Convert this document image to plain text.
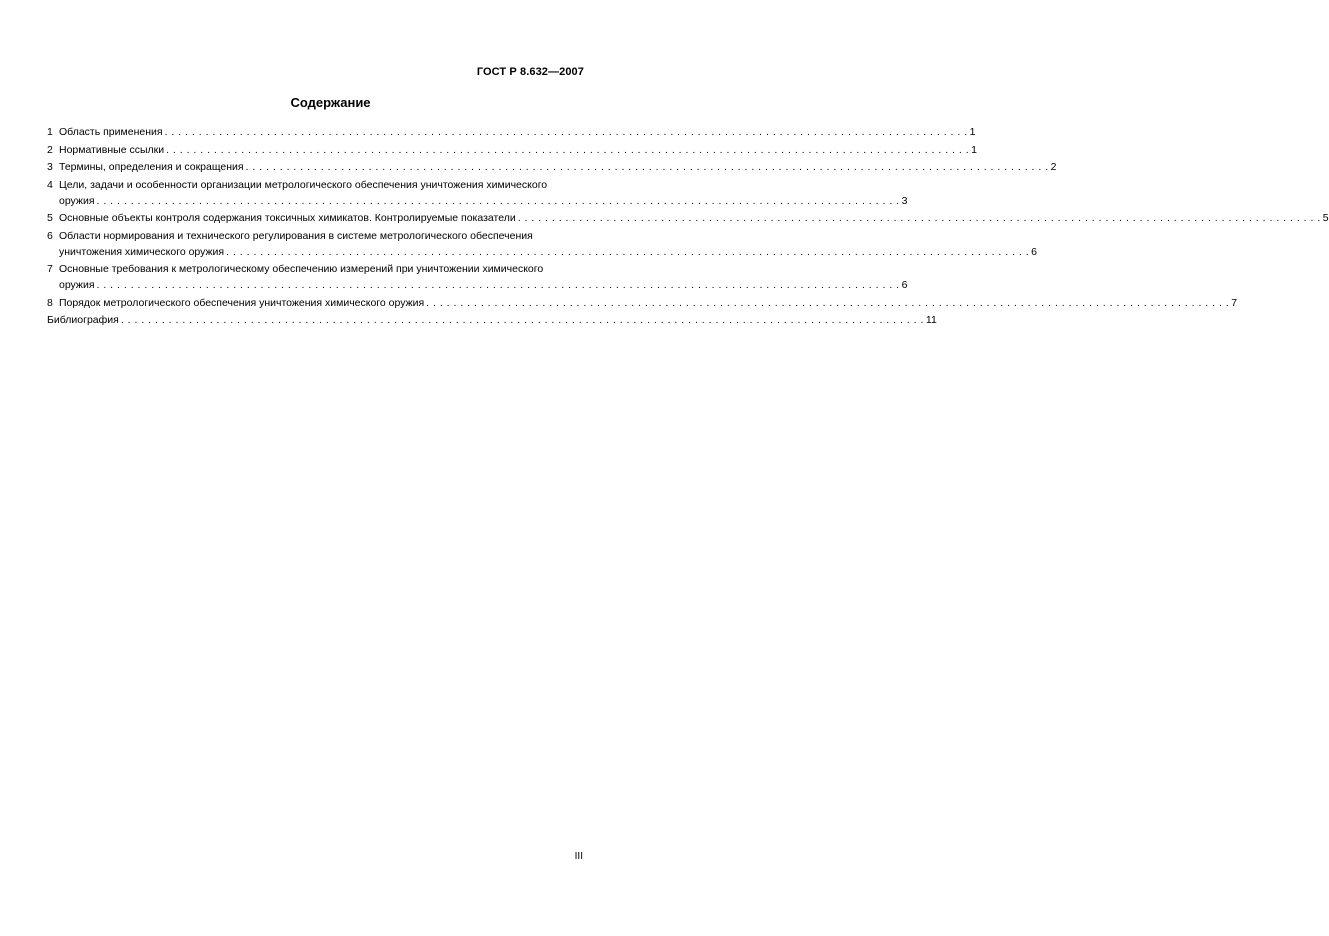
ГОСТ Р 8.632—2007
Содержание
1 Область применения . . .	1
2 Нормативные ссылки . . .	1
3 Термины, определения и сокращения . . .	2
4 Цели, задачи и особенности организации метрологического обеспечения уничтожения химического
оружия . . .	3
5 Основные объекты контроля содержания токсичных химикатов. Контролируемые показатели . . .	5
6 Области нормирования и технического регулирования в системе метрологического обеспечения
уничтожения химического оружия . . .	6
7 Основные требования к метрологическому обеспечению измерений при уничтожении химического
оружия . . .	6
8 Порядок метрологического обеспечения уничтожения химического оружия . . .	7
Библиография . . .	11
III
